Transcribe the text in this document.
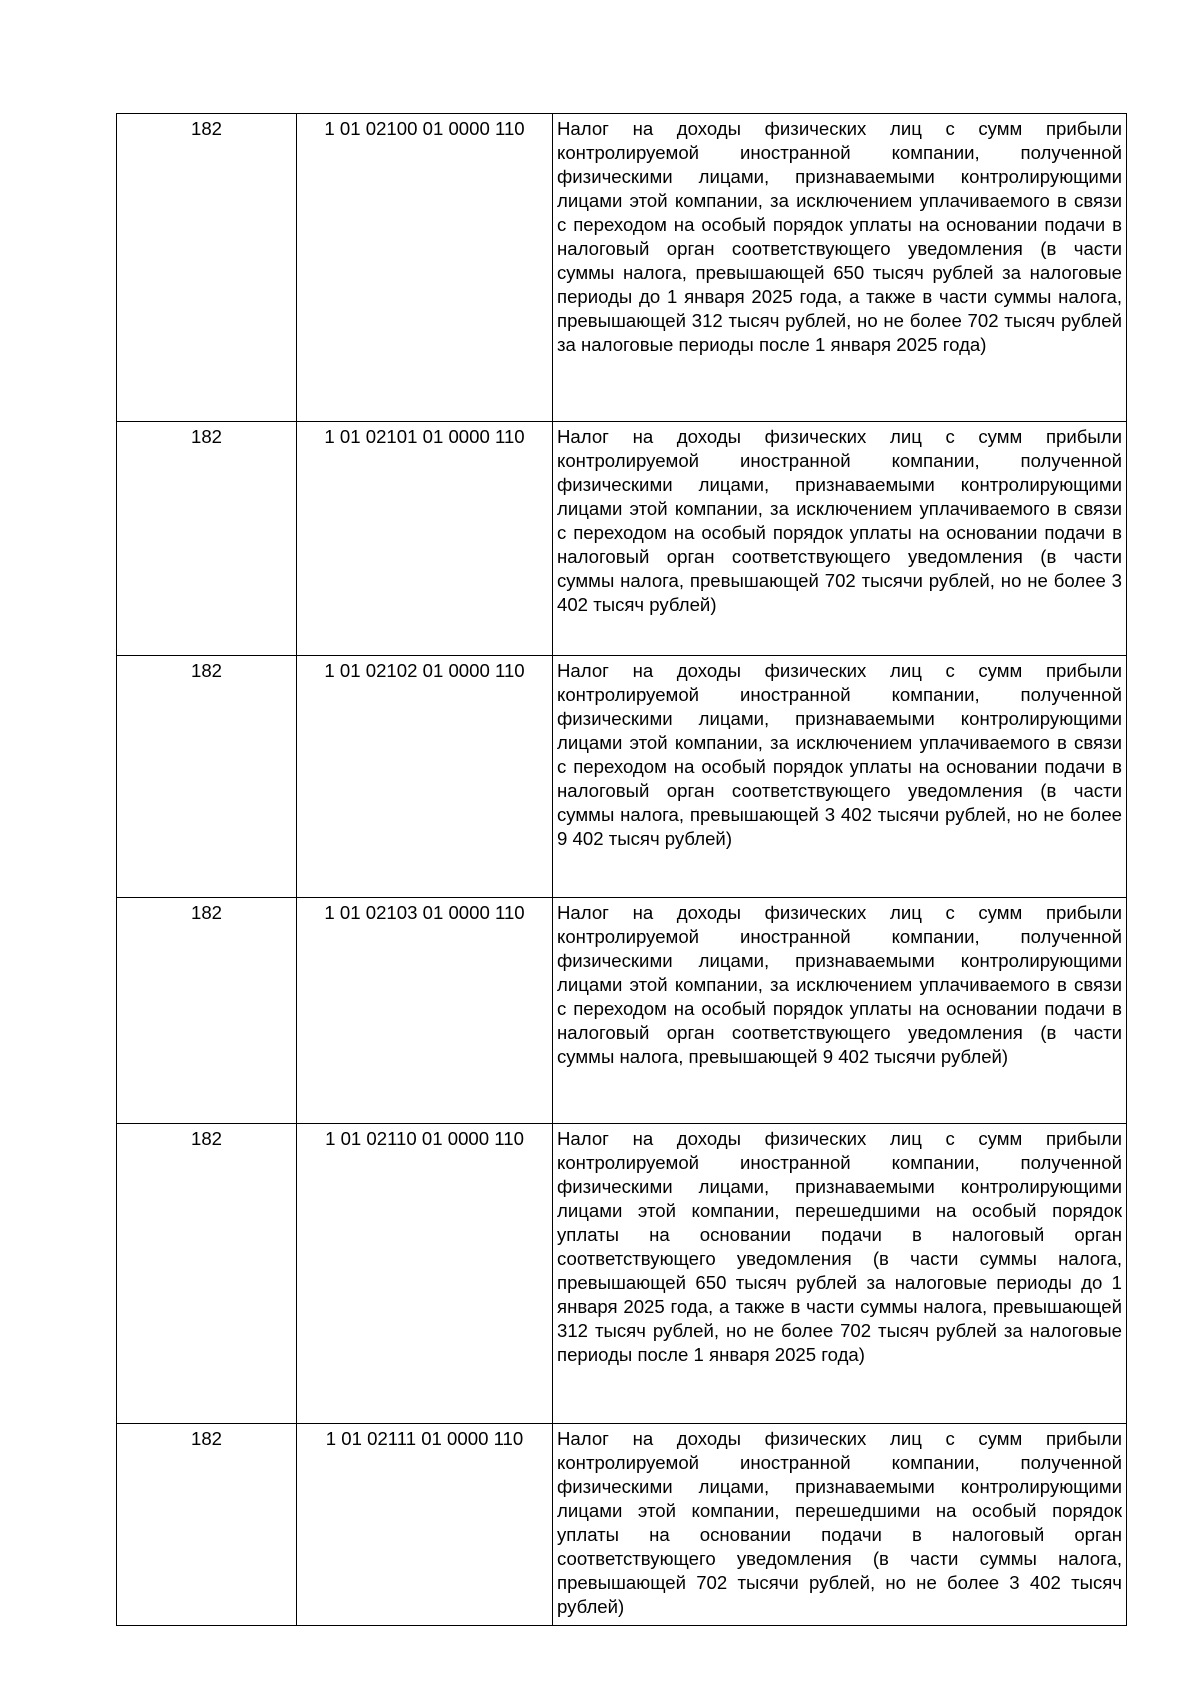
182	1 01 02100 01 0000 110	Налог на доходы физических лиц с сумм прибыли контролируемой иностранной компании, полученной физическими лицами, признаваемыми контролирующими лицами этой компании, за исключением уплачиваемого в связи с переходом на особый порядок уплаты на основании подачи в налоговый орган соответствующего уведомления (в части суммы налога, превышающей 650 тысяч рублей за налоговые периоды до 1 января 2025 года, а также в части суммы налога, превышающей 312 тысяч рублей, но не более 702 тысяч рублей за налоговые периоды после 1 января 2025 года)
182	1 01 02101 01 0000 110	Налог на доходы физических лиц с сумм прибыли контролируемой иностранной компании, полученной физическими лицами, признаваемыми контролирующими лицами этой компании, за исключением уплачиваемого в связи с переходом на особый порядок уплаты на основании подачи в налоговый орган соответствующего уведомления (в части суммы налога, превышающей 702 тысячи рублей, но не более 3 402 тысяч рублей)
182	1 01 02102 01 0000 110	Налог на доходы физических лиц с сумм прибыли контролируемой иностранной компании, полученной физическими лицами, признаваемыми контролирующими лицами этой компании, за исключением уплачиваемого в связи с переходом на особый порядок уплаты на основании подачи в налоговый орган соответствующего уведомления (в части суммы налога, превышающей 3 402 тысячи рублей, но не более 9 402 тысяч рублей)
182	1 01 02103 01 0000 110	Налог на доходы физических лиц с сумм прибыли контролируемой иностранной компании, полученной физическими лицами, признаваемыми контролирующими лицами этой компании, за исключением уплачиваемого в связи с переходом на особый порядок уплаты на основании подачи в налоговый орган соответствующего уведомления (в части суммы налога, превышающей 9 402 тысячи рублей)
182	1 01 02110 01 0000 110	Налог на доходы физических лиц с сумм прибыли контролируемой иностранной компании, полученной физическими лицами, признаваемыми контролирующими лицами этой компании, перешедшими на особый порядок уплаты на основании подачи в налоговый орган соответствующего уведомления (в части суммы налога, превышающей 650 тысяч рублей за налоговые периоды до 1 января 2025 года, а также в части суммы налога, превышающей 312 тысяч рублей, но не более 702 тысяч рублей за налоговые периоды после 1 января 2025 года)
182	1 01 02111 01 0000 110	Налог на доходы физических лиц с сумм прибыли контролируемой иностранной компании, полученной физическими лицами, признаваемыми контролирующими лицами этой компании, перешедшими на особый порядок уплаты на основании подачи в налоговый орган соответствующего уведомления (в части суммы налога, превышающей 702 тысячи рублей, но не более 3 402 тысяч рублей)
